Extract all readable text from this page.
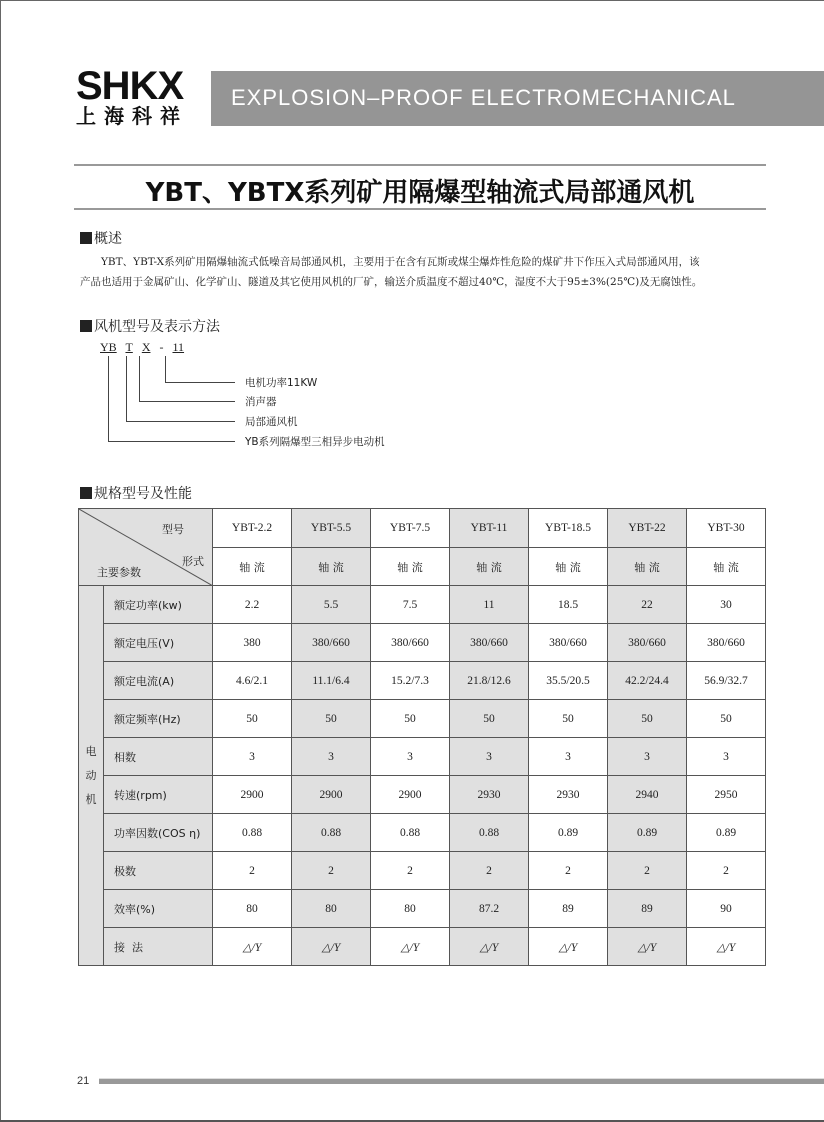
SHKX
上海科祥
EXPLOSION–PROOF ELECTROMECHANICAL
YBT、YBTX系列矿用隔爆型轴流式局部通风机
概述

YBT、YBT-X系列矿用隔爆轴流式低噪音局部通风机，主要用于在含有瓦斯或煤尘爆炸性危险的煤矿井下作压入式局部通风用，该

产品也适用于金属矿山、化学矿山、隧道及其它使用风机的厂矿，输送介质温度不超过40℃，湿度不大于95±3%(25℃)及无腐蚀性。

风机型号及表示方法
YB T X - 11
电机功率11KW
消声器
局部通风机
YB系列隔爆型三相异步电动机
规格型号及性能
型号
形式
主要参数		YBT-2.2	YBT-5.5	YBT-7.5	YBT-11	YBT-18.5	YBT-22	YBT-30
		轴 流	轴 流	轴 流	轴 流	轴 流	轴 流	轴 流

电
动
机	额定功率(kw)	2.2	5.5	7.5	11	18.5	22	30
	额定电压(V)	380	380/660	380/660	380/660	380/660	380/660	380/660
	额定电流(A)	4.6/2.1	11.1/6.4	15.2/7.3	21.8/12.6	35.5/20.5	42.2/24.4	56.9/32.7
	额定频率(Hz)	50	50	50	50	50	50	50
	相数	3	3	3	3	3	3	3
	转速(rpm)	2900	2900	2900	2930	2930	2940	2950
	功率因数(COS η)	0.88	0.88	0.88	0.88	0.89	0.89	0.89
	极数	2	2	2	2	2	2	2
	效率(%)	80	80	80	87.2	89	89	90
	接  法	△/Y	△/Y	△/Y	△/Y	△/Y	△/Y	△/Y
21
